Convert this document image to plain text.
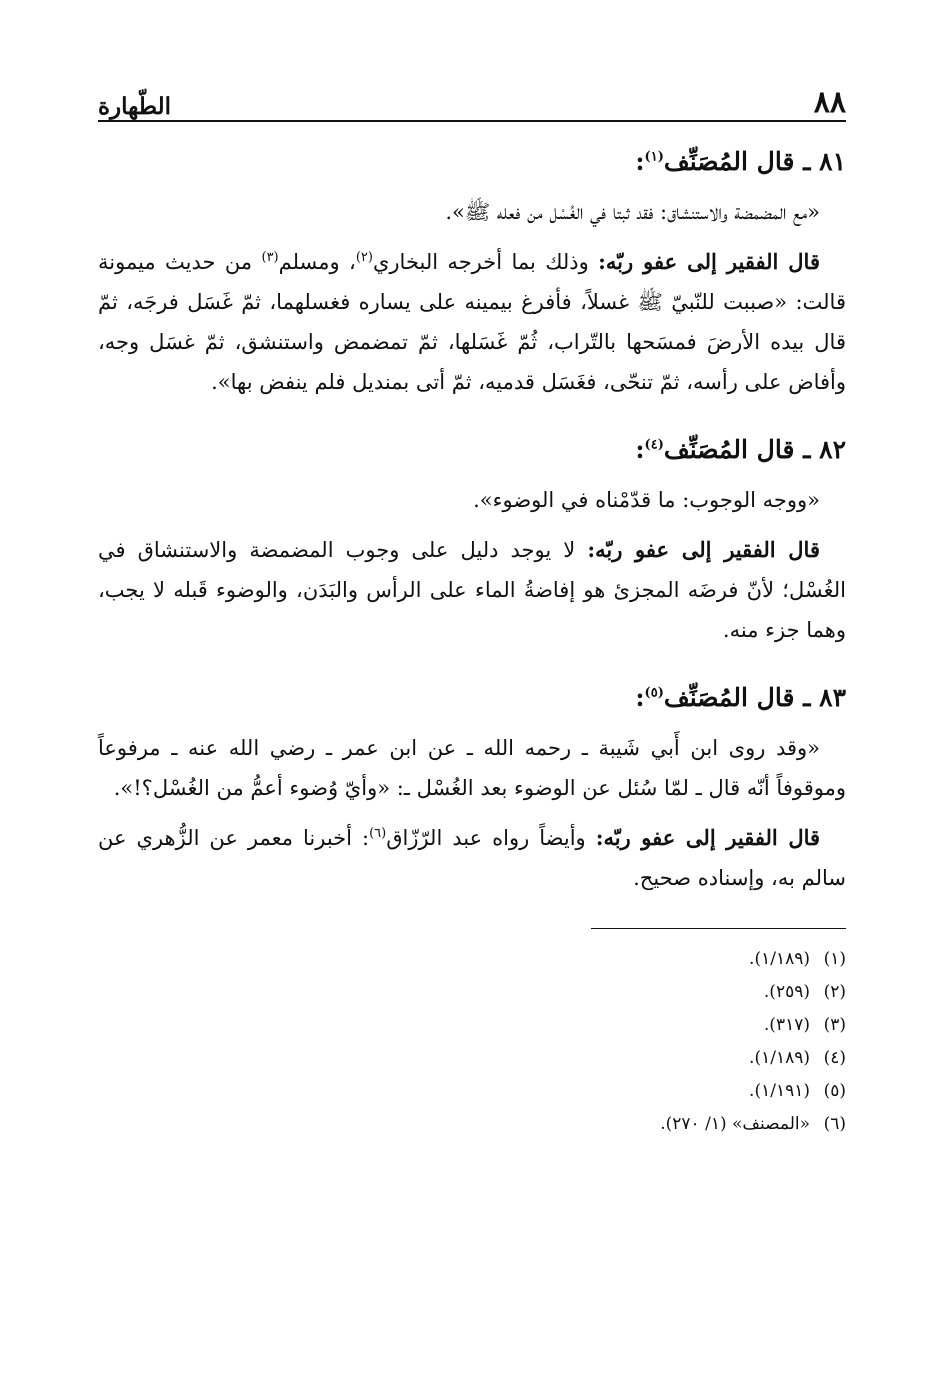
٨٨
الطّهارة

٨١ ـ قال المُصَنِّف$^{(١)}$:

«مع المضمضة والاستنشاق: فقد ثبتا في الغُسْل من فعله ﷺ».

قال الفقير إلى عفو ربّه: وذلك بما أخرجه البخاري$^{(٢)}$، ومسلم$^{(٣)}$ من حديث ميمونة قالت: «صببت للنّبيّ ﷺ غسلاً، فأفرغ بيمينه على يساره فغسلهما، ثمّ غَسَل فرجَه، ثمّ قال بيده الأرضَ فمسَحها بالتّراب، ثُمّ غَسَلها، ثمّ تمضمض واستنشق، ثمّ غسَل وجه، وأفاض على رأسه، ثمّ تنحّى، فغَسَل قدميه، ثمّ أتى بمنديل فلم ينفض بها».

٨٢ ـ قال المُصَنِّف$^{(٤)}$:

«ووجه الوجوب: ما قدّمْناه في الوضوء».

قال الفقير إلى عفو ربّه: لا يوجد دليل على وجوب المضمضة والاستنشاق في الغُسْل؛ لأنّ فرضَه المجزئ هو إفاضةُ الماء على الرأس والبَدَن، والوضوء قَبله لا يجب، وهما جزء منه.

٨٣ ـ قال المُصَنِّف$^{(٥)}$:

«وقد روى ابن أَبي شَيبة ـ رحمه الله ـ عن ابن عمر ـ رضي الله عنه ـ مرفوعاً وموقوفاً أنّه قال ـ لمّا سُئل عن الوضوء بعد الغُسْل ـ: «وأيّ وُضوء أعمُّ من الغُسْل؟!».

قال الفقير إلى عفو ربّه: وأيضاً رواه عبد الرّزّاق$^{(٦)}$: أخبرنا معمر عن الزُّهري عن سالم به، وإسناده صحيح.

(١)(١/١٨٩).

(٢)(٢٥٩).

(٣)(٣١٧).

(٤)(١/١٨٩).

(٥)(١/١٩١).

(٦)«المصنف» (١/ ٢٧٠).
